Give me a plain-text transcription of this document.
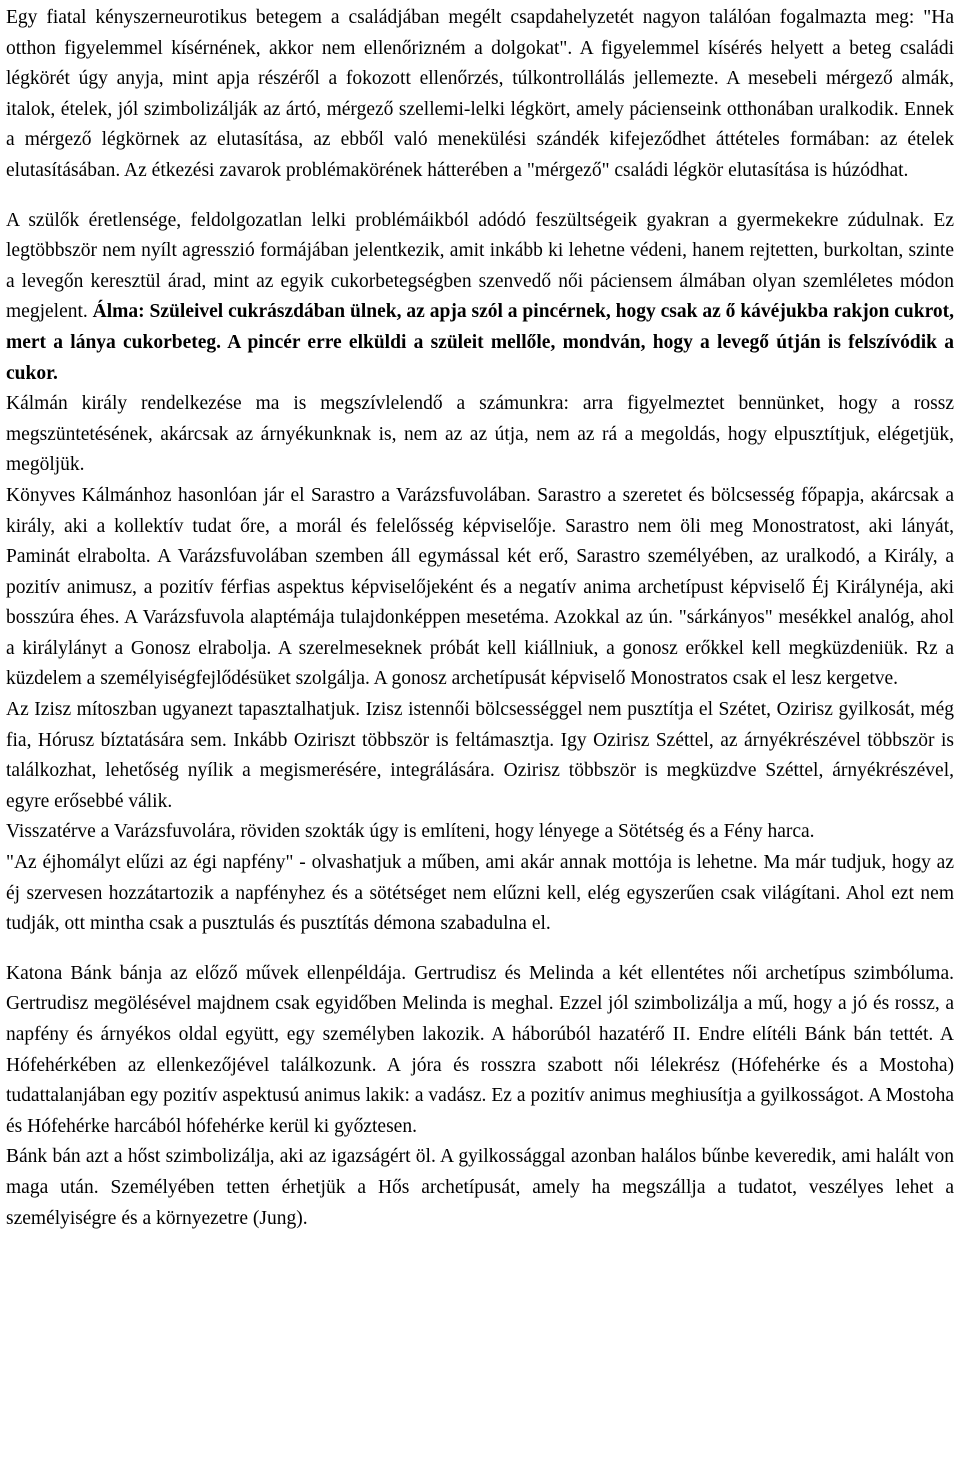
Egy fiatal kényszerneurotikus betegem a családjában megélt csapdahelyzetét nagyon találóan fogalmazta meg: "Ha otthon figyelemmel kísérnének, akkor nem ellenőrizném a dolgokat". A figyelemmel kísérés helyett a beteg családi légkörét úgy anyja, mint apja részéről a fokozott ellenőrzés, túlkontrollálás jellemezte. A mesebeli mérgező almák, italok, ételek, jól szimbolizálják az ártó, mérgező szellemi-lelki légkört, amely pácienseink otthonában uralkodik. Ennek a mérgező légkörnek az elutasítása, az ebből való menekülési szándék kifejeződhet áttételes formában: az ételek elutasításában. Az étkezési zavarok problémakörének hátterében a "mérgező" családi légkör elutasítása is húzódhat.

A szülők éretlensége, feldolgozatlan lelki problémáikból adódó feszültségeik gyakran a gyermekekre zúdulnak. Ez legtöbbször nem nyílt agresszió formájában jelentkezik, amit inkább ki lehetne védeni, hanem rejtetten, burkoltan, szinte a levegőn keresztül árad, mint az egyik cukorbetegségben szenvedő női páciensem álmában olyan szemléletes módon megjelent. Álma: Szüleivel cukrászdában ülnek, az apja szól a pincérnek, hogy csak az ő kávéjukba rakjon cukrot, mert a lánya cukorbeteg. A pincér erre elküldi a szüleit mellőle, mondván, hogy a levegő útján is felszívódik a cukor.

Kálmán király rendelkezése ma is megszívlelendő a számunkra: arra figyelmeztet bennünket, hogy a rossz megszüntetésének, akárcsak az árnyékunknak is, nem az az útja, nem az rá a megoldás, hogy elpusztítjuk, elégetjük, megöljük.

Könyves Kálmánhoz hasonlóan jár el Sarastro a Varázsfuvolában. Sarastro a szeretet és bölcsesség főpapja, akárcsak a király, aki a kollektív tudat őre, a morál és felelősség képviselője. Sarastro nem öli meg Monostratost, aki lányát, Paminát elrabolta. A Varázsfuvolában szemben áll egymással két erő, Sarastro személyében, az uralkodó, a Király, a pozitív animusz, a pozitív férfias aspektus képviselőjeként és a negatív anima archetípust képviselő Éj Királynéja, aki bosszúra éhes. A Varázsfuvola alaptémája tulajdonképpen mesetéma. Azokkal az ún. "sárkányos" mesékkel analóg, ahol a királylányt a Gonosz elrabolja. A szerelmeseknek próbát kell kiállniuk, a gonosz erőkkel kell megküzdeniük. Rz a küzdelem a személyiségfejlődésüket szolgálja. A gonosz archetípusát képviselő Monostratos csak el lesz kergetve.

Az Izisz mítoszban ugyanezt tapasztalhatjuk. Izisz istennői bölcsességgel nem pusztítja el Szétet, Ozirisz gyilkosát, még fia, Hórusz bíztatására sem. Inkább Oziriszt többször is feltámasztja. Igy Ozirisz Széttel, az árnyékrészével többször is találkozhat, lehetőség nyílik a megismerésére, integrálására. Ozirisz többször is megküzdve Széttel, árnyékrészével, egyre erősebbé válik.

Visszatérve a Varázsfuvolára, röviden szokták úgy is említeni, hogy lényege a Sötétség és a Fény harca.

"Az éjhomályt elűzi az égi napfény" - olvashatjuk a műben, ami akár annak mottója is lehetne. Ma már tudjuk, hogy az éj szervesen hozzátartozik a napfényhez és a sötétséget nem elűzni kell, elég egyszerűen csak világítani. Ahol ezt nem tudják, ott mintha csak a pusztulás és pusztítás démona szabadulna el.

Katona Bánk bánja az előző művek ellenpéldája. Gertrudisz és Melinda a két ellentétes női archetípus szimbóluma. Gertrudisz megölésével majdnem csak egyidőben Melinda is meghal. Ezzel jól szimbolizálja a mű, hogy a jó és rossz, a napfény és árnyékos oldal együtt, egy személyben lakozik. A háborúból hazatérő II. Endre elítéli Bánk bán tettét. A Hófehérkében az ellenkezőjével találkozunk. A jóra és rosszra szabott női lélekrész (Hófehérke és a Mostoha) tudattalanjában egy pozitív aspektusú animus lakik: a vadász. Ez a pozitív animus meghiusítja a gyilkosságot. A Mostoha és Hófehérke harcából hófehérke kerül ki győztesen.

Bánk bán azt a hőst szimbolizálja, aki az igazságért öl. A gyilkossággal azonban halálos bűnbe keveredik, ami halált von maga után. Személyében tetten érhetjük a Hős archetípusát, amely ha megszállja a tudatot, veszélyes lehet a személyiségre és a környezetre (Jung).
